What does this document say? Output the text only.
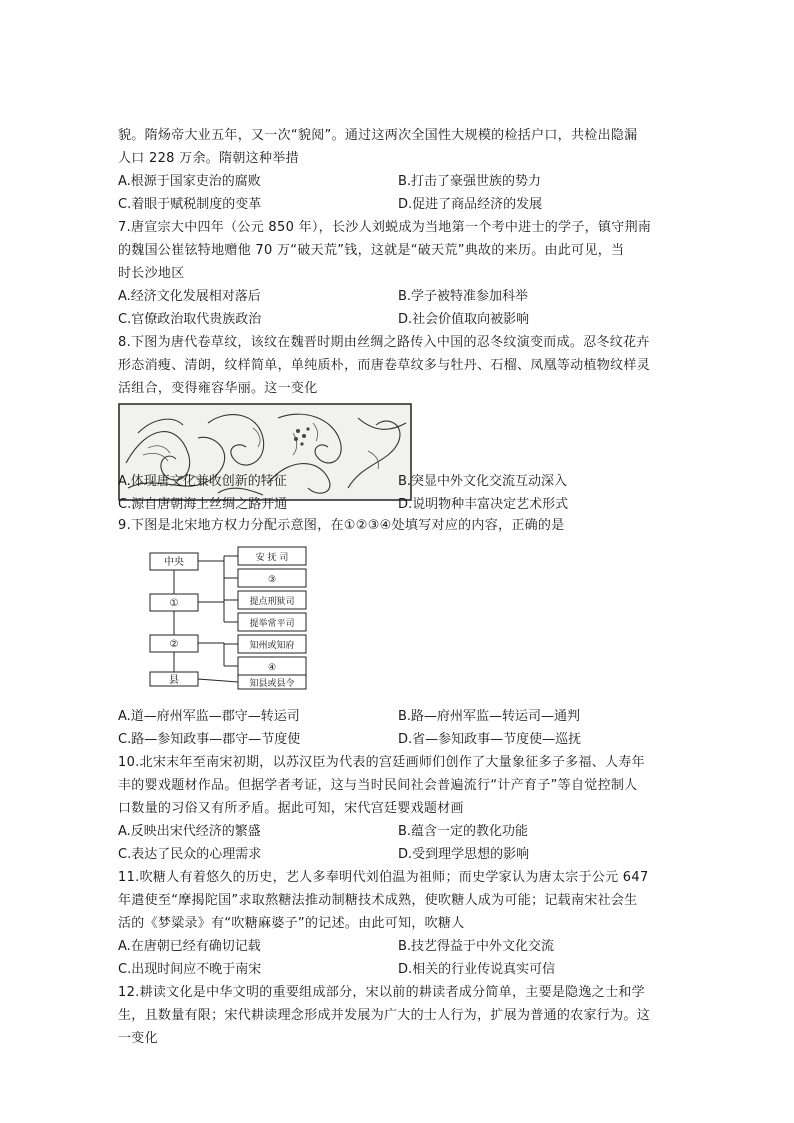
貌。隋炀帝大业五年，又一次“貌阅”。通过这两次全国性大规模的检括户口，共检出隐漏
人口 228 万余。隋朝这种举措
A.根源于国家吏治的腐败	B.打击了豪强世族的势力
C.着眼于赋税制度的变革	D.促进了商品经济的发展
7.唐宣宗大中四年（公元 850 年），长沙人刘蜕成为当地第一个考中进士的学子，镇守荆南
的魏国公崔铉特地赠他 70 万“破天荒”钱，这就是“破天荒”典故的来历。由此可见，当
时长沙地区
A.经济文化发展相对落后	B.学子被特准参加科举
C.官僚政治取代贵族政治	D.社会价值取向被影响
8.下图为唐代卷草纹，该纹在魏晋时期由丝绸之路传入中国的忍冬纹演变而成。忍冬纹花卉
形态消瘦、清朗，纹样简单，单纯质朴，而唐卷草纹多与牡丹、石榴、凤凰等动植物纹样灵
活组合，变得雍容华丽。这一变化
A.体现唐文化兼收创新的特征	B.突显中外文化交流互动深入
C.源自唐朝海上丝绸之路开通	D.说明物种丰富决定艺术形式
9.下图是北宋地方权力分配示意图，在①②③④处填写对应的内容，正确的是
中央
①
②
县
安 抚 司
③
提点刑狱司
提举常平司
知州或知府
④
知县或县令
A.道—府州军监—郡守—转运司	B.路—府州军监—转运司—通判
C.路—参知政事—郡守—节度使	D.省—参知政事—节度使—巡抚
10.北宋末年至南宋初期，以苏汉臣为代表的宫廷画师们创作了大量象征多子多福、人寿年
丰的婴戏题材作品。但据学者考证，这与当时民间社会普遍流行“计产育子”等自觉控制人
口数量的习俗又有所矛盾。据此可知，宋代宫廷婴戏题材画
A.反映出宋代经济的繁盛	B.蕴含一定的教化功能
C.表达了民众的心理需求	D.受到理学思想的影响
11.吹糖人有着悠久的历史，艺人多奉明代刘伯温为祖师；而史学家认为唐太宗于公元 647
年遣使至“摩揭陀国”求取熬糖法推动制糖技术成熟，使吹糖人成为可能；记载南宋社会生
活的《梦粱录》有“吹糖麻婆子”的记述。由此可知，吹糖人
A.在唐朝已经有确切记载	B.技艺得益于中外文化交流
C.出现时间应不晚于南宋	D.相关的行业传说真实可信
12.耕读文化是中华文明的重要组成部分，宋以前的耕读者成分简单，主要是隐逸之士和学
生，且数量有限；宋代耕读理念形成并发展为广大的士人行为，扩展为普通的农家行为。这
一变化
